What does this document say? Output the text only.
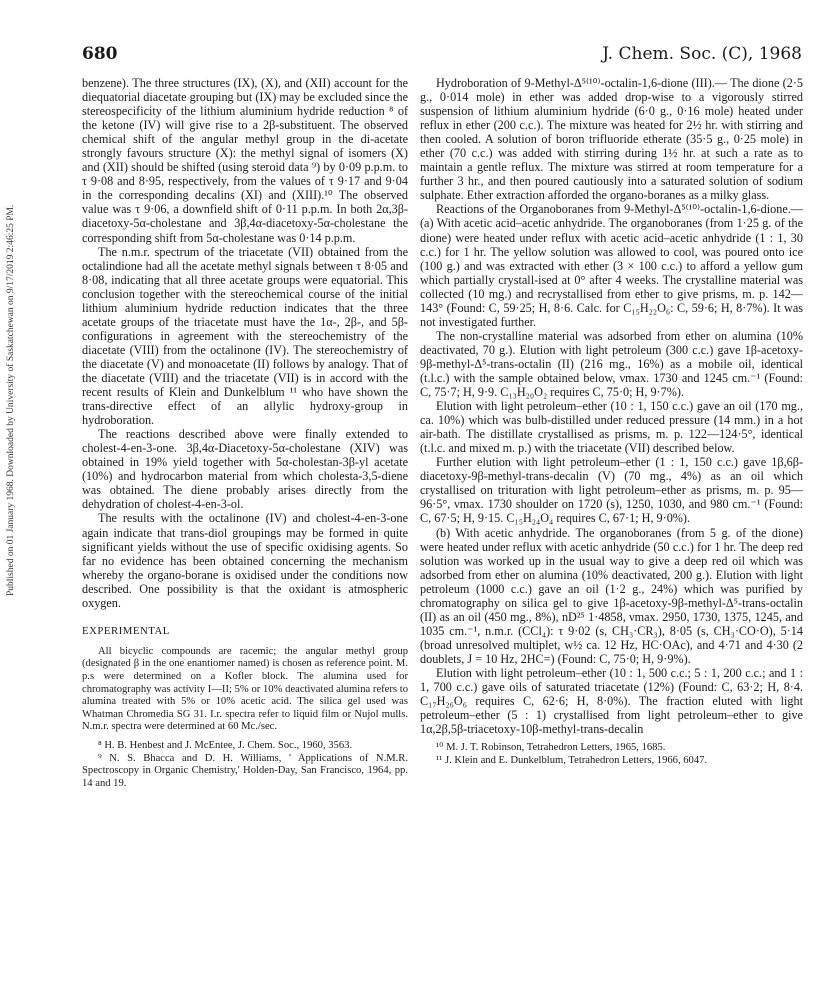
Published on 01 January 1968. Downloaded by University of Saskatchewan on 9/17/2019 2:46:25 PM.
680	J. Chem. Soc. (C), 1968

benzene). The three structures (IX), (X), and (XII) account for the diequatorial diacetate grouping but (IX) may be excluded since the stereospecificity of the lithium aluminium hydride reduction ⁸ of the ketone (IV) will give rise to a 2β-substituent. The observed chemical shift of the angular methyl group in the di-acetate strongly favours structure (X): the methyl signal of isomers (X) and (XII) should be shifted (using steroid data ⁹) by 0·09 p.p.m. to τ 9·08 and 8·95, respectively, from the values of τ 9·17 and 9·04 in the corresponding decalins (XI) and (XIII).¹⁰ The observed value was τ 9·06, a downfield shift of 0·11 p.p.m. In both 2α,3β-diacetoxy-5α-cholestane and 3β,4α-diacetoxy-5α-cholestane the corresponding shift from 5α-cholestane was 0·14 p.p.m.

The n.m.r. spectrum of the triacetate (VII) obtained from the octalindione had all the acetate methyl signals between τ 8·05 and 8·08, indicating that all three acetate groups were equatorial. This conclusion together with the stereochemical course of the initial lithium aluminium hydride reduction indicates that the three acetate groups of the triacetate must have the 1α-, 2β-, and 5β-configurations in agreement with the stereochemistry of the diacetate (VIII) from the octalinone (IV). The stereochemistry of the diacetate (V) and monoacetate (II) follows by analogy. That of the diacetate (VIII) and the triacetate (VII) is in accord with the recent results of Klein and Dunkelblum ¹¹ who have shown the trans-directive effect of an allylic hydroxy-group in hydroboration.

The reactions described above were finally extended to cholest-4-en-3-one. 3β,4α-Diacetoxy-5α-cholestane (XIV) was obtained in 19% yield together with 5α-cholestan-3β-yl acetate (10%) and hydrocarbon material from which cholesta-3,5-diene was obtained. The diene probably arises directly from the dehydration of cholest-4-en-3-ol.

The results with the octalinone (IV) and cholest-4-en-3-one again indicate that trans-diol groupings may be formed in quite significant yields without the use of specific oxidising agents. So far no evidence has been obtained concerning the mechanism whereby the organo-borane is oxidised under the conditions now described. One possibility is that the oxidant is atmospheric oxygen.

EXPERIMENTAL

All bicyclic compounds are racemic; the angular methyl group (designated β in the one enantiomer named) is chosen as reference point. M. p.s were determined on a Kofler block. The alumina used for chromatography was activity I—II; 5% or 10% deactivated alumina refers to alumina treated with 5% or 10% acetic acid. The silica gel used was Whatman Chromedia SG 31. I.r. spectra refer to liquid film or Nujol mulls. N.m.r. spectra were determined at 60 Mc./sec.

⁸ H. B. Henbest and J. McEntee, J. Chem. Soc., 1960, 3563.

⁹ N. S. Bhacca and D. H. Williams, ' Applications of N.M.R. Spectroscopy in Organic Chemistry,' Holden-Day, San Francisco, 1964, pp. 14 and 19.

Hydroboration of 9-Methyl-Δ⁵⁽¹⁰⁾-octalin-1,6-dione (III).— The dione (2·5 g., 0·014 mole) in ether was added drop-wise to a vigorously stirred suspension of lithium aluminium hydride (6·0 g., 0·16 mole) heated under reflux in ether (200 c.c.). The mixture was heated for 2½ hr. with stirring and then cooled. A solution of boron trifluoride etherate (35·5 g., 0·25 mole) in ether (70 c.c.) was added with stirring during 1½ hr. at such a rate as to maintain a gentle reflux. The mixture was stirred at room temperature for a further 3 hr., and then poured cautiously into a saturated solution of sodium sulphate. Ether extraction afforded the organo-boranes as a milky glass.

Reactions of the Organoboranes from 9-Methyl-Δ⁵⁽¹⁰⁾-octalin-1,6-dione.—(a) With acetic acid–acetic anhydride. The organoboranes (from 1·25 g. of the dione) were heated under reflux with acetic acid–acetic anhydride (1 : 1, 30 c.c.) for 1 hr. The yellow solution was allowed to cool, was poured onto ice (100 g.) and was extracted with ether (3 × 100 c.c.) to afford a yellow gum which partially crystall-ised at 0° after 4 weeks. The crystalline material was collected (10 mg.) and recrystallised from ether to give prisms, m. p. 142—143° (Found: C, 59·25; H, 8·6. Calc. for C₁₅H₂₂O₆: C, 59·6; H, 8·7%). It was not investigated further.

The non-crystalline material was adsorbed from ether on alumina (10% deactivated, 70 g.). Elution with light petroleum (300 c.c.) gave 1β-acetoxy-9β-methyl-Δ⁵-trans-octalin (II) (216 mg., 16%) as a mobile oil, identical (t.l.c.) with the sample obtained below, νmax. 1730 and 1245 cm.⁻¹ (Found: C, 75·7; H, 9·9. C₁₃H₂₀O₂ requires C, 75·0; H, 9·7%).

Elution with light petroleum–ether (10 : 1, 150 c.c.) gave an oil (170 mg., ca. 10%) which was bulb-distilled under reduced pressure (14 mm.) in a hot air-bath. The distillate crystallised as prisms, m. p. 122—124·5°, identical (t.l.c. and mixed m. p.) with the triacetate (VII) described below.

Further elution with light petroleum–ether (1 : 1, 150 c.c.) gave 1β,6β-diacetoxy-9β-methyl-trans-decalin (V) (70 mg., 4%) as an oil which crystallised on trituration with light petroleum–ether as prisms, m. p. 95—96·5°, νmax. 1730 shoulder on 1720 (s), 1250, 1030, and 980 cm.⁻¹ (Found: C, 67·5; H, 9·15. C₁₅H₂₄O₄ requires C, 67·1; H, 9·0%).

(b) With acetic anhydride. The organoboranes (from 5 g. of the dione) were heated under reflux with acetic anhydride (50 c.c.) for 1 hr. The deep red solution was worked up in the usual way to give a deep red oil which was adsorbed from ether on alumina (10% deactivated, 200 g.). Elution with light petroleum (1000 c.c.) gave an oil (1·2 g., 24%) which was purified by chromatography on silica gel to give 1β-acetoxy-9β-methyl-Δ⁵-trans-octalin (II) as an oil (450 mg., 8%), nD²⁵ 1·4858, νmax. 2950, 1730, 1375, 1245, and 1035 cm.⁻¹, n.m.r. (CCl₄): τ 9·02 (s, CH₃·CR₃), 8·05 (s, CH₃·CO·O), 5·14 (broad unresolved multiplet, w½ ca. 12 Hz, HC·OAc), and 4·71 and 4·30 (2 doublets, J = 10 Hz, 2HC=) (Found: C, 75·0; H, 9·9%).

Elution with light petroleum–ether (10 : 1, 500 c.c.; 5 : 1, 200 c.c.; and 1 : 1, 700 c.c.) gave oils of saturated triacetate (12%) (Found: C, 63·2; H, 8·4. C₁₇H₂₆O₆ requires C, 62·6; H, 8·0%). The fraction eluted with light petroleum–ether (5 : 1) crystallised from light petroleum–ether to give 1α,2β,5β-triacetoxy-10β-methyl-trans-decalin

¹⁰ M. J. T. Robinson, Tetrahedron Letters, 1965, 1685.

¹¹ J. Klein and E. Dunkelblum, Tetrahedron Letters, 1966, 6047.
